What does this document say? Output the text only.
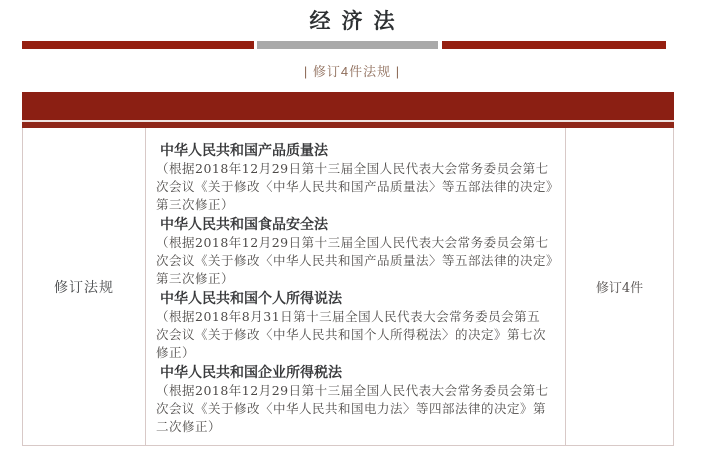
经济法
| 修订4件法规 |
修订法规
中华人民共和国产品质量法
（根据2018年12月29日第十三届全国人民代表大会常务委员会第七次会议《关于修改〈中华人民共和国产品质量法〉等五部法律的决定》第三次修正）
中华人民共和国食品安全法
（根据2018年12月29日第十三届全国人民代表大会常务委员会第七次会议《关于修改〈中华人民共和国产品质量法〉等五部法律的决定》第三次修正）
中华人民共和国个人所得说法
（根据2018年8月31日第十三届全国人民代表大会常务委员会第五次会议《关于修改〈中华人民共和国个人所得税法〉的决定》第七次修正）
中华人民共和国企业所得税法
（根据2018年12月29日第十三届全国人民代表大会常务委员会第七次会议《关于修改〈中华人民共和国电力法〉等四部法律的决定》第二次修正）
修订4件
